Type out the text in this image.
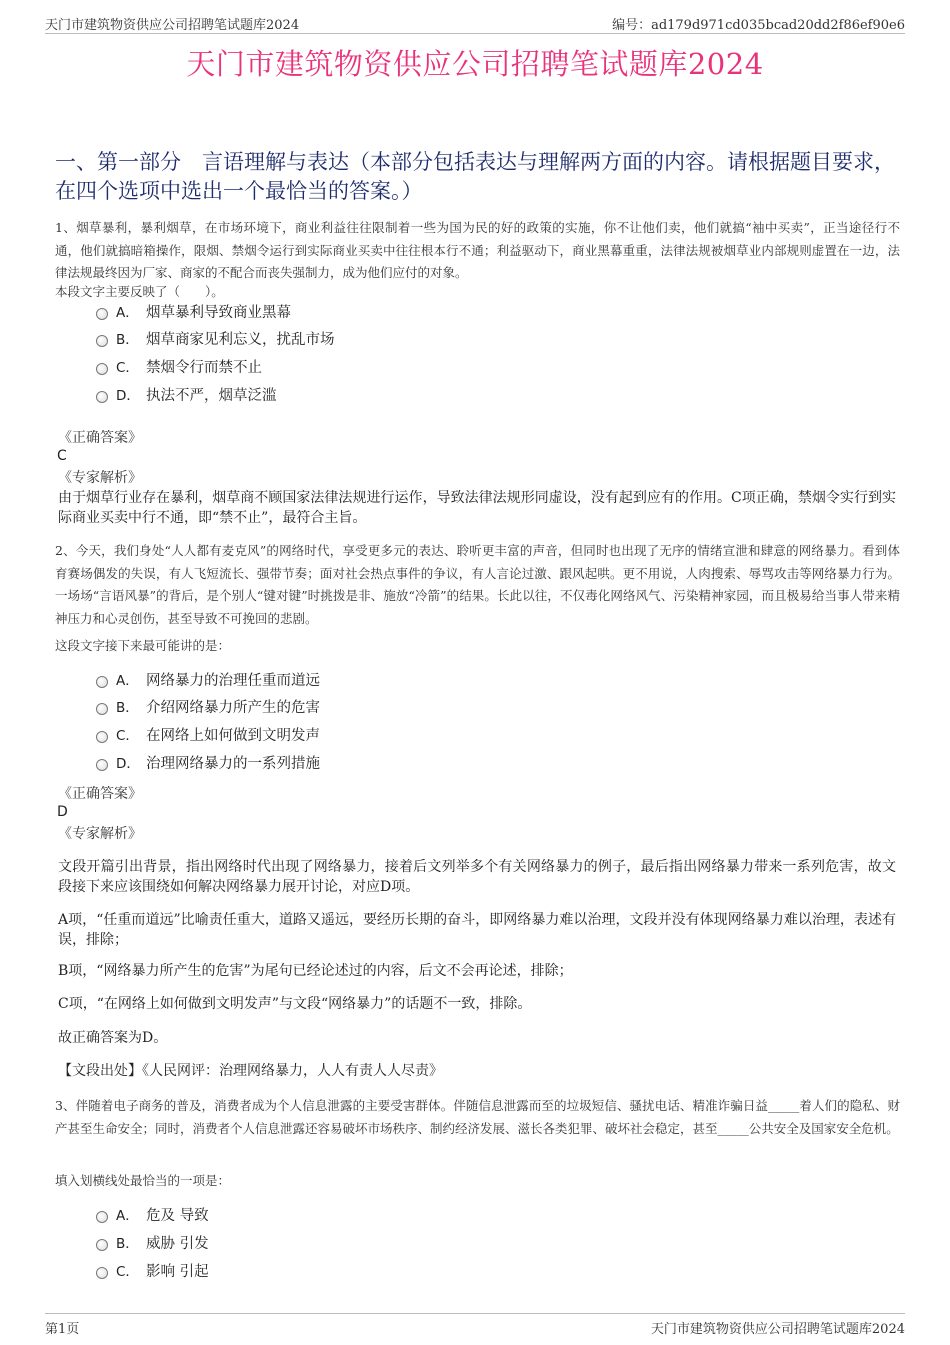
天门市建筑物资供应公司招聘笔试题库2024	编号：ad179d971cd035bcad20dd2f86ef90e6
天门市建筑物资供应公司招聘笔试题库2024
一、第一部分　言语理解与表达（本部分包括表达与理解两方面的内容。请根据题目要求，在四个选项中选出一个最恰当的答案。）
1、烟草暴利，暴利烟草，在市场环境下，商业利益往往限制着一些为国为民的好的政策的实施，你不让他们卖，他们就搞“袖中买卖”，正当途径行不通，他们就搞暗箱操作，限烟、禁烟令运行到实际商业买卖中往往根本行不通；利益驱动下，商业黑幕重重，法律法规被烟草业内部规则虚置在一边，法律法规最终因为厂家、商家的不配合而丧失强制力，成为他们应付的对象。
本段文字主要反映了（　　）。
A． 烟草暴利导致商业黑幕
B． 烟草商家见利忘义，扰乱市场
C． 禁烟令行而禁不止
D． 执法不严，烟草泛滥
《正确答案》
C
《专家解析》
由于烟草行业存在暴利，烟草商不顾国家法律法规进行运作，导致法律法规形同虚设，没有起到应有的作用。C项正确，禁烟令实行到实际商业买卖中行不通，即“禁不止”，最符合主旨。
2、今天，我们身处“人人都有麦克风”的网络时代，享受更多元的表达、聆听更丰富的声音，但同时也出现了无序的情绪宣泄和肆意的网络暴力。看到体育赛场偶发的失误，有人飞短流长、强带节奏；面对社会热点事件的争议，有人言论过激、跟风起哄。更不用说，人肉搜索、辱骂攻击等网络暴力行为。一场场“言语风暴”的背后，是个别人“键对键”时挑拨是非、施放“冷箭”的结果。长此以往，不仅毒化网络风气、污染精神家园，而且极易给当事人带来精神压力和心灵创伤，甚至导致不可挽回的悲剧。
这段文字接下来最可能讲的是：
A． 网络暴力的治理任重而道远
B． 介绍网络暴力所产生的危害
C． 在网络上如何做到文明发声
D． 治理网络暴力的一系列措施
《正确答案》
D
《专家解析》
文段开篇引出背景，指出网络时代出现了网络暴力，接着后文列举多个有关网络暴力的例子，最后指出网络暴力带来一系列危害，故文段接下来应该围绕如何解决网络暴力展开讨论，对应D项。
A项，“任重而道远”比喻责任重大，道路又遥远，要经历长期的奋斗，即网络暴力难以治理，文段并没有体现网络暴力难以治理，表述有误，排除；
B项，“网络暴力所产生的危害”为尾句已经论述过的内容，后文不会再论述，排除；
C项，“在网络上如何做到文明发声”与文段“网络暴力”的话题不一致，排除。
故正确答案为D。
【文段出处】《人民网评：治理网络暴力，人人有责人人尽责》
3、伴随着电子商务的普及，消费者成为个人信息泄露的主要受害群体。伴随信息泄露而至的垃圾短信、骚扰电话、精准诈骗日益_____着人们的隐私、财产甚至生命安全；同时，消费者个人信息泄露还容易破坏市场秩序、制约经济发展、滋长各类犯罪、破坏社会稳定，甚至_____公共安全及国家安全危机。
填入划横线处最恰当的一项是：
A． 危及 导致
B． 威胁 引发
C． 影响 引起
第1页	天门市建筑物资供应公司招聘笔试题库2024
